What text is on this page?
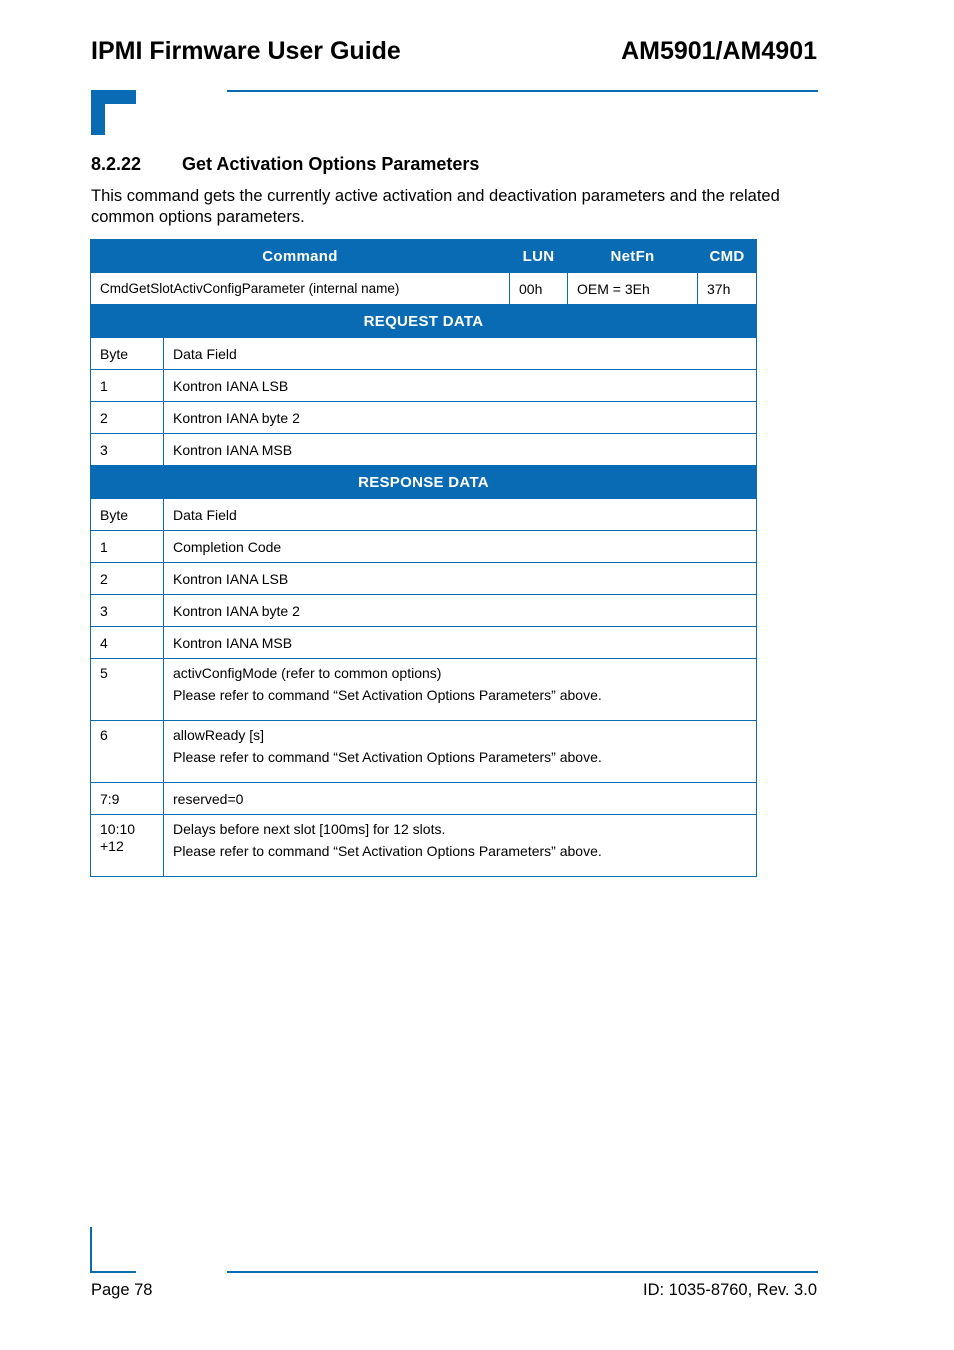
IPMI Firmware User Guide	AM5901/AM4901
8.2.22 Get Activation Options Parameters
This command gets the currently active activation and deactivation parameters and the related common options parameters.
Command		LUN	NetFn	CMD
CmdGetSlotActivConfigParameter (internal name)		00h	OEM = 3Eh	37h
REQUEST DATA				
Byte	Data Field			
1	Kontron IANA LSB			
2	Kontron IANA byte 2			
3	Kontron IANA MSB			
RESPONSE DATA				
Byte	Data Field			
1	Completion Code			
2	Kontron IANA LSB			
3	Kontron IANA byte 2			
4	Kontron IANA MSB			
5	activConfigMode (refer to common options)
Please refer to command “Set Activation Options Parameters” above.			

6	allowReady [s]
Please refer to command “Set Activation Options Parameters” above.			

7:9	reserved=0			

10:10
+12	Delays before next slot [100ms] for 12 slots.
Please refer to command “Set Activation Options Parameters” above.			
Page 78	ID: 1035-8760, Rev. 3.0
